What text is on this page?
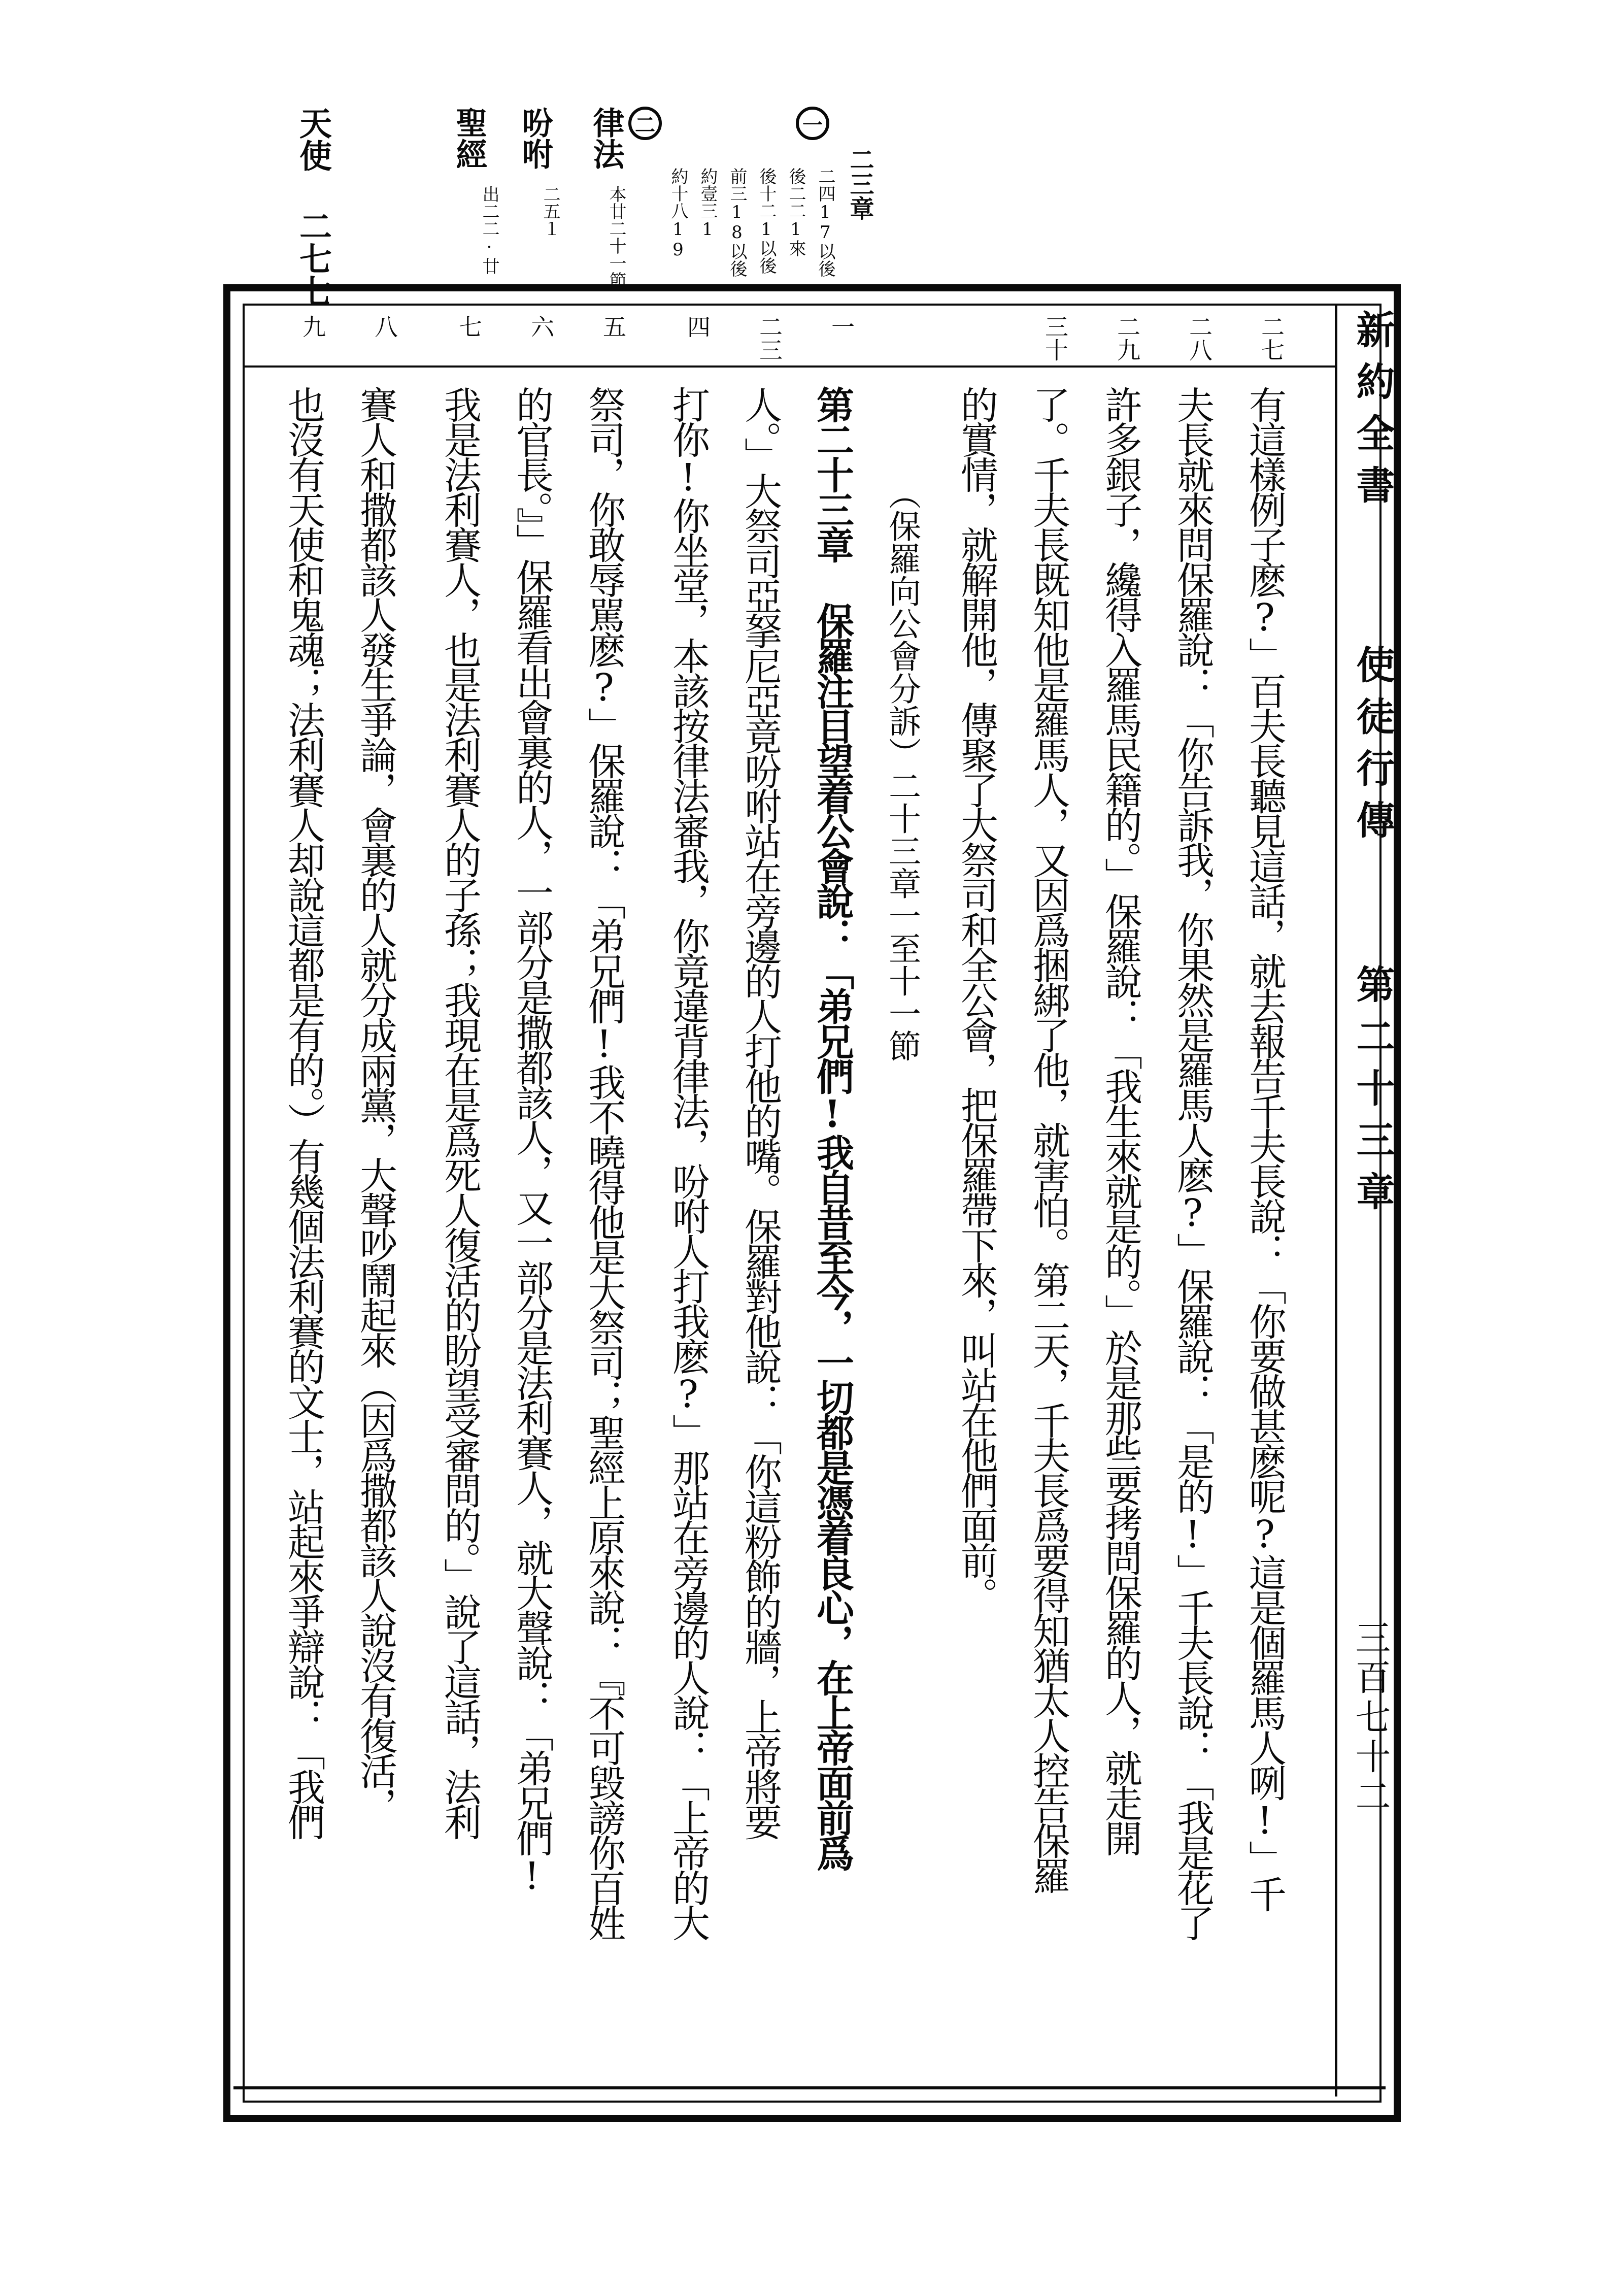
天使 二七七	聖經
出二二·廿
吩咐
二五１
律法
本廿二十一節
二
約十八19 約壹三1 前三18以後 後十二1以後 後二二1來 二四17以後
一
二三章
新約全書
使徒行傳
第二十三章
三百七十二
二七
二八
二九
三十
一
二三
四
五
六
七
八
九
有這樣例子麽?」百夫長聽見這話，就去報告千夫長說：「你要做甚麽呢?這是個羅馬人咧!」千
夫長就來問保羅說：「你告訴我，你果然是羅馬人麽?」保羅說：「是的!」千夫長說：「我是花了
許多銀子，纔得入羅馬民籍的。」保羅說：「我生來就是的。」於是那些要拷問保羅的人，就走開
了。千夫長既知他是羅馬人，又因爲捆綁了他，就害怕。第二天，千夫長爲要得知猶太人控告保羅
的實情，就解開他，傳聚了大祭司和全公會，把保羅帶下來，叫站在他們面前。
（保羅向公會分訴）二十三章一至十一節
第二十三章 保羅注目望着公會說：「弟兄們!我自昔至今，一切都是憑着良心，在上帝面前爲
人。」大祭司亞拏尼亞竟吩咐站在旁邊的人打他的嘴。保羅對他說：「你這粉飾的牆，上帝將要
打你!你坐堂，本該按律法審我，你竟違背律法，吩咐人打我麽?」那站在旁邊的人說：「上帝的大
祭司，你敢辱駡麽?」保羅說：「弟兄們!我不曉得他是大祭司；聖經上原來說：『不可毀謗你百姓
的官長。』」保羅看出會裏的人，一部分是撒都該人，又一部分是法利賽人，就大聲說：「弟兄們!
我是法利賽人，也是法利賽人的子孫；我現在是爲死人復活的盼望受審問的。」說了這話，法利
賽人和撒都該人發生爭論，會裏的人就分成兩黨，大聲吵鬧起來（因爲撒都該人說沒有復活，
也沒有天使和鬼魂；法利賽人却說這都是有的。）有幾個法利賽的文士，站起來爭辯說：「我們
